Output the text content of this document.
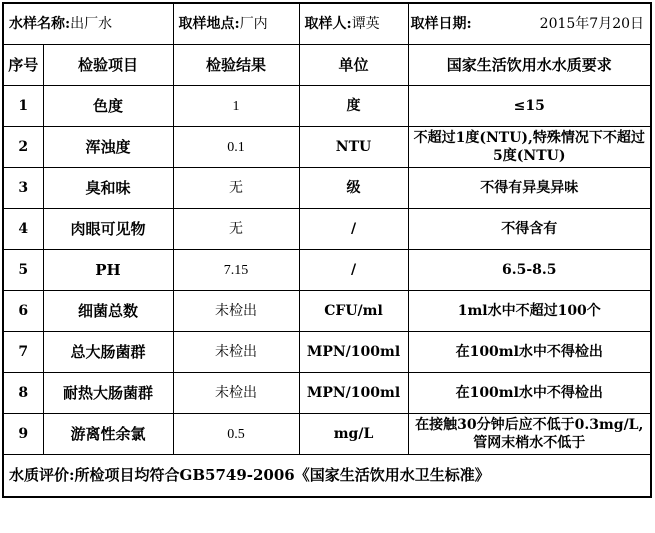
水样名称:出厂水		取样地点:厂内	取样人:谭英	取样日期: 2015年7月20日

序号	检验项目	检验结果	单位	国家生活饮用水水质要求
1	色度	1	度	≤15
2	浑浊度	0.1	NTU	不超过1度(NTU),特殊情况下不超过5度(NTU)
3	臭和味	无	级	不得有异臭异味
4	肉眼可见物	无	/	不得含有
5	PH	7.15	/	6.5-8.5
6	细菌总数	未检出	CFU/ml	1ml水中不超过100个
7	总大肠菌群	未检出	MPN/100ml	在100ml水中不得检出
8	耐热大肠菌群	未检出	MPN/100ml	在100ml水中不得检出
9	游离性余氯	0.5	mg/L	在接触30分钟后应不低于0.3mg/L,管网末梢水不低于
水质评价:所检项目均符合GB5749-2006《国家生活饮用水卫生标准》				
